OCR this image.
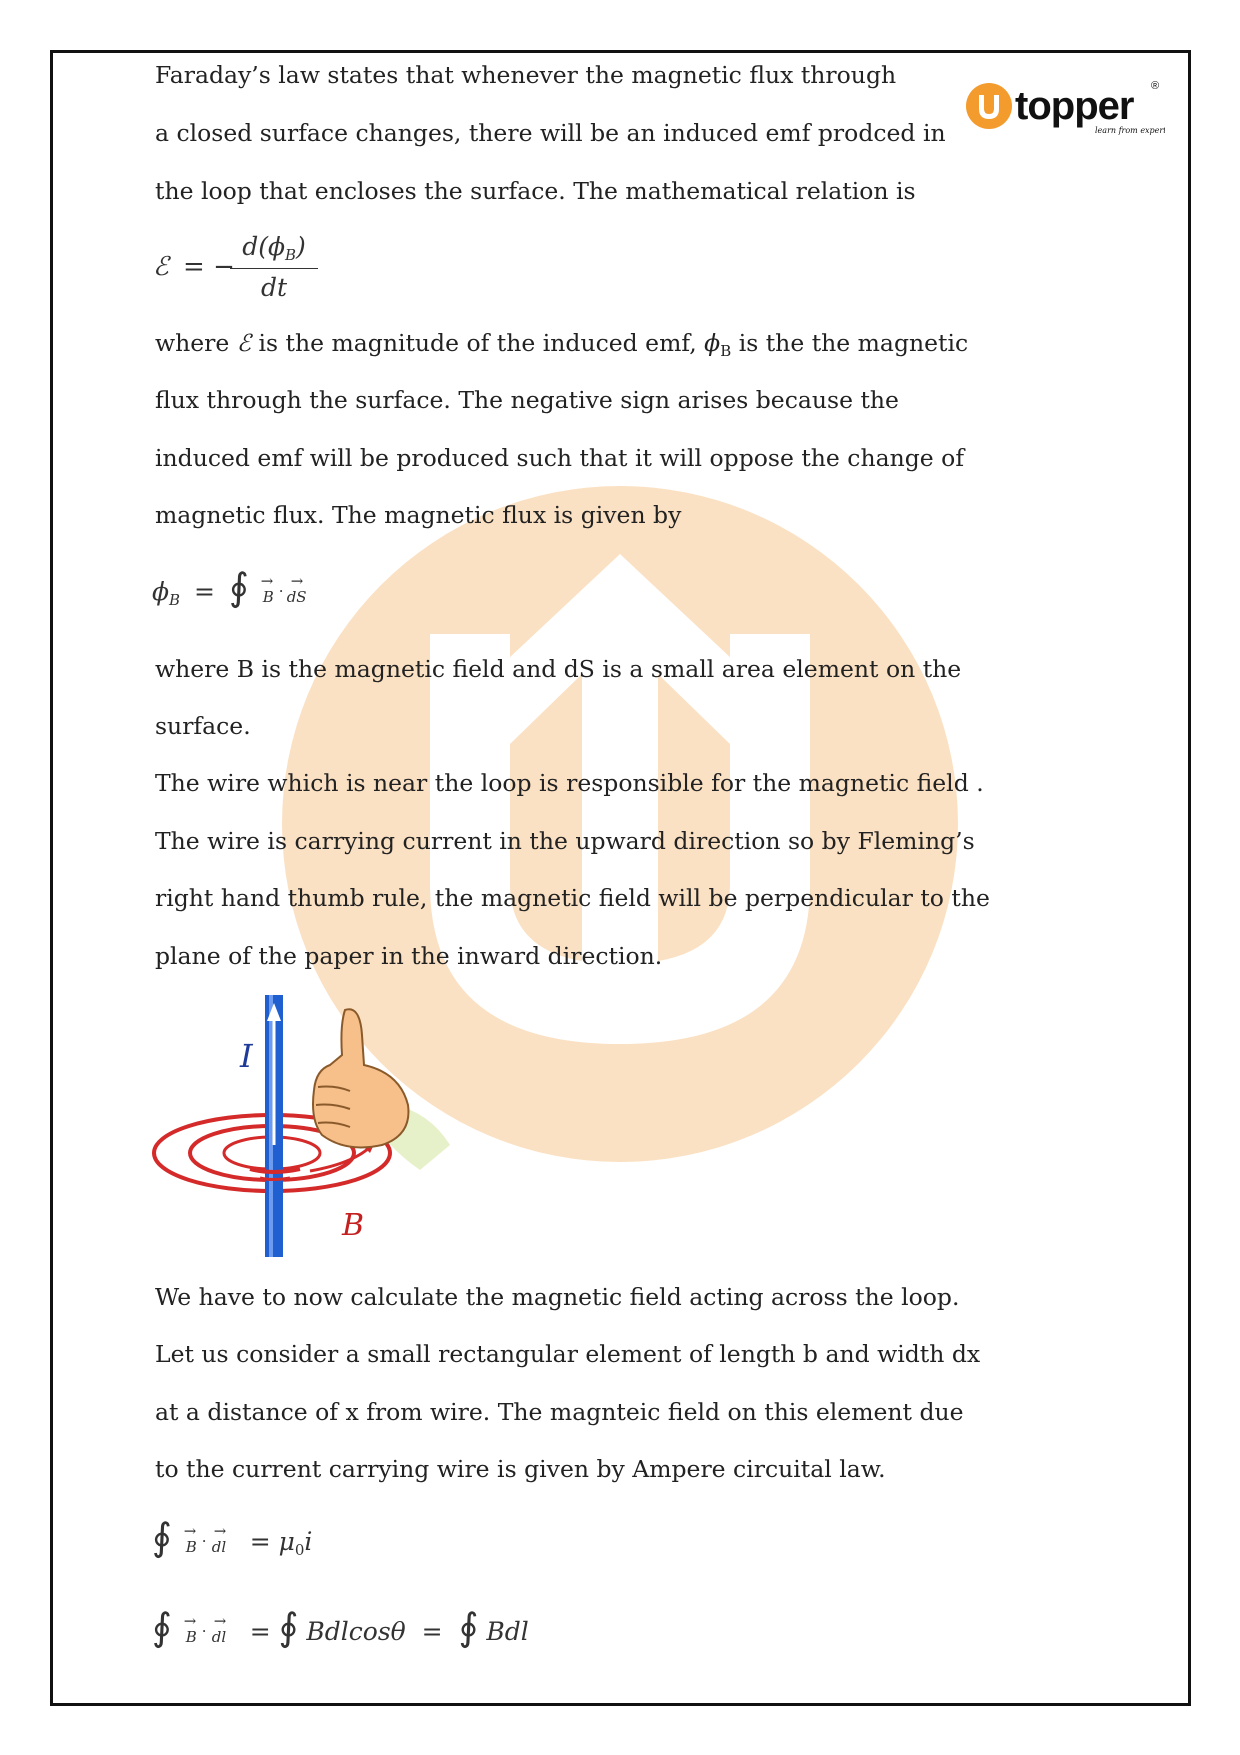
topper ®
learn from experts
Faraday’s law states that whenever the magnetic flux through
a closed surface changes, there will be an induced emf prodced in
the loop that encloses the surface. The mathematical relation is
ℰ = −
$d(\phi_B)$
dt
where ℰ is the magnitude of the induced emf, $\phi_B$ is the the magnetic
flux through the surface. The negative sign arises because the
induced emf will be produced such that it will oppose the change of
magnetic flux. The magnetic flux is given by
$\phi_B$ = ∮ →
B ·
→
dS
where B is the magnetic field and dS is a small area element on the
surface.
The wire which is near the loop is responsible for the magnetic field .
The wire is carrying current in the upward direction so by Fleming’s
right hand thumb rule, the magnetic field will be perpendicular to the
plane of the paper in the inward direction.
I
B
We have to now calculate the magnetic field acting across the loop.
Let us consider a small rectangular element of length b and width dx
at a distance of x from wire. The magnteic field on this element due
to the current carrying wire is given by Ampere circuital law.
∮ →
B ·
→
dl = $\mu_0i$
∮ →
B ·
→
dl = ∮ Bdlcosθ = ∮ Bdl
